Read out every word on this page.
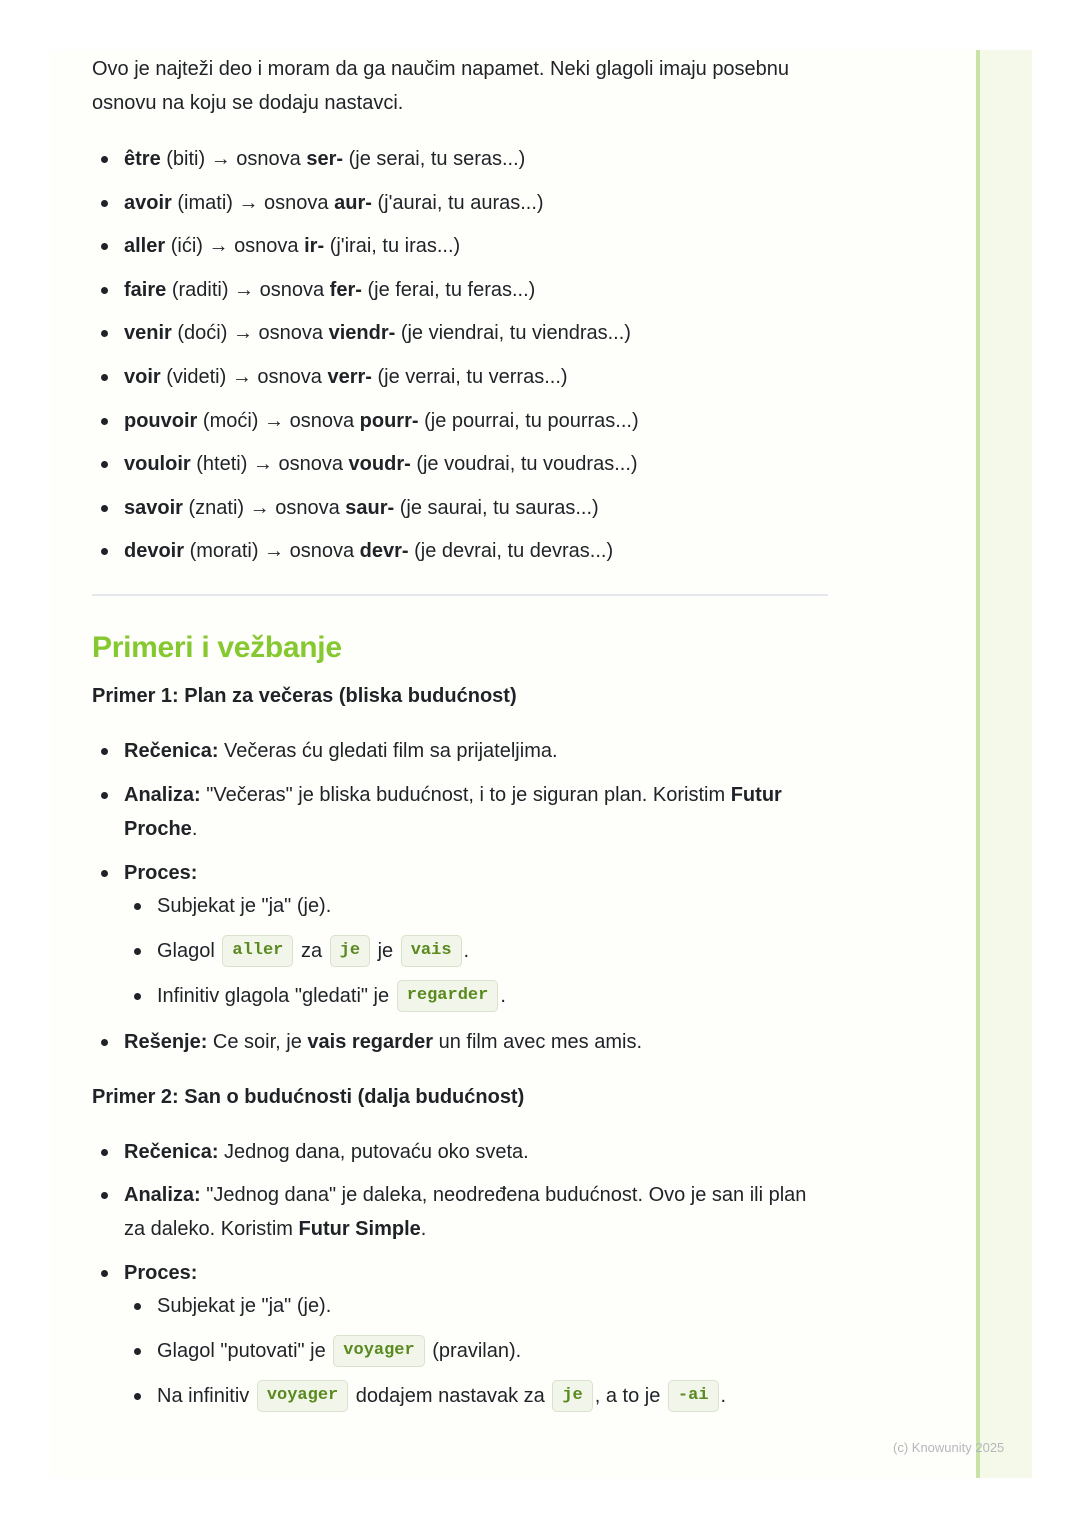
Ovo je najteži deo i moram da ga naučim napamet. Neki glagoli imaju posebnu osnovu na koju se dodaju nastavci.

être (biti) → osnova ser- (je serai, tu seras...)
avoir (imati) → osnova aur- (j'aurai, tu auras...)
aller (ići) → osnova ir- (j'irai, tu iras...)
faire (raditi) → osnova fer- (je ferai, tu feras...)
venir (doći) → osnova viendr- (je viendrai, tu viendras...)
voir (videti) → osnova verr- (je verrai, tu verras...)
pouvoir (moći) → osnova pourr- (je pourrai, tu pourras...)
vouloir (hteti) → osnova voudr- (je voudrai, tu voudras...)
savoir (znati) → osnova saur- (je saurai, tu sauras...)
devoir (morati) → osnova devr- (je devrai, tu devras...)
Primeri i vežbanje
Primer 1: Plan za večeras (bliska budućnost)
Rečenica: Večeras ću gledati film sa prijateljima.
Analiza: "Večeras" je bliska budućnost, i to je siguran plan. Koristim Futur Proche.
Proces:
Subjekat je "ja" (je).
Glagol aller za je je vais .
Infinitiv glagola "gledati" je regarder .
Rešenje: Ce soir, je vais regarder un film avec mes amis.
Primer 2: San o budućnosti (dalja budućnost)
Rečenica: Jednog dana, putovaću oko sveta.
Analiza: "Jednog dana" je daleka, neodređena budućnost. Ovo je san ili plan za daleko. Koristim Futur Simple.
Proces:
Subjekat je "ja" (je).
Glagol "putovati" je voyager (pravilan).
Na infinitiv voyager dodajem nastavak za je , a to je -ai .
(c) Knowunity 2025
